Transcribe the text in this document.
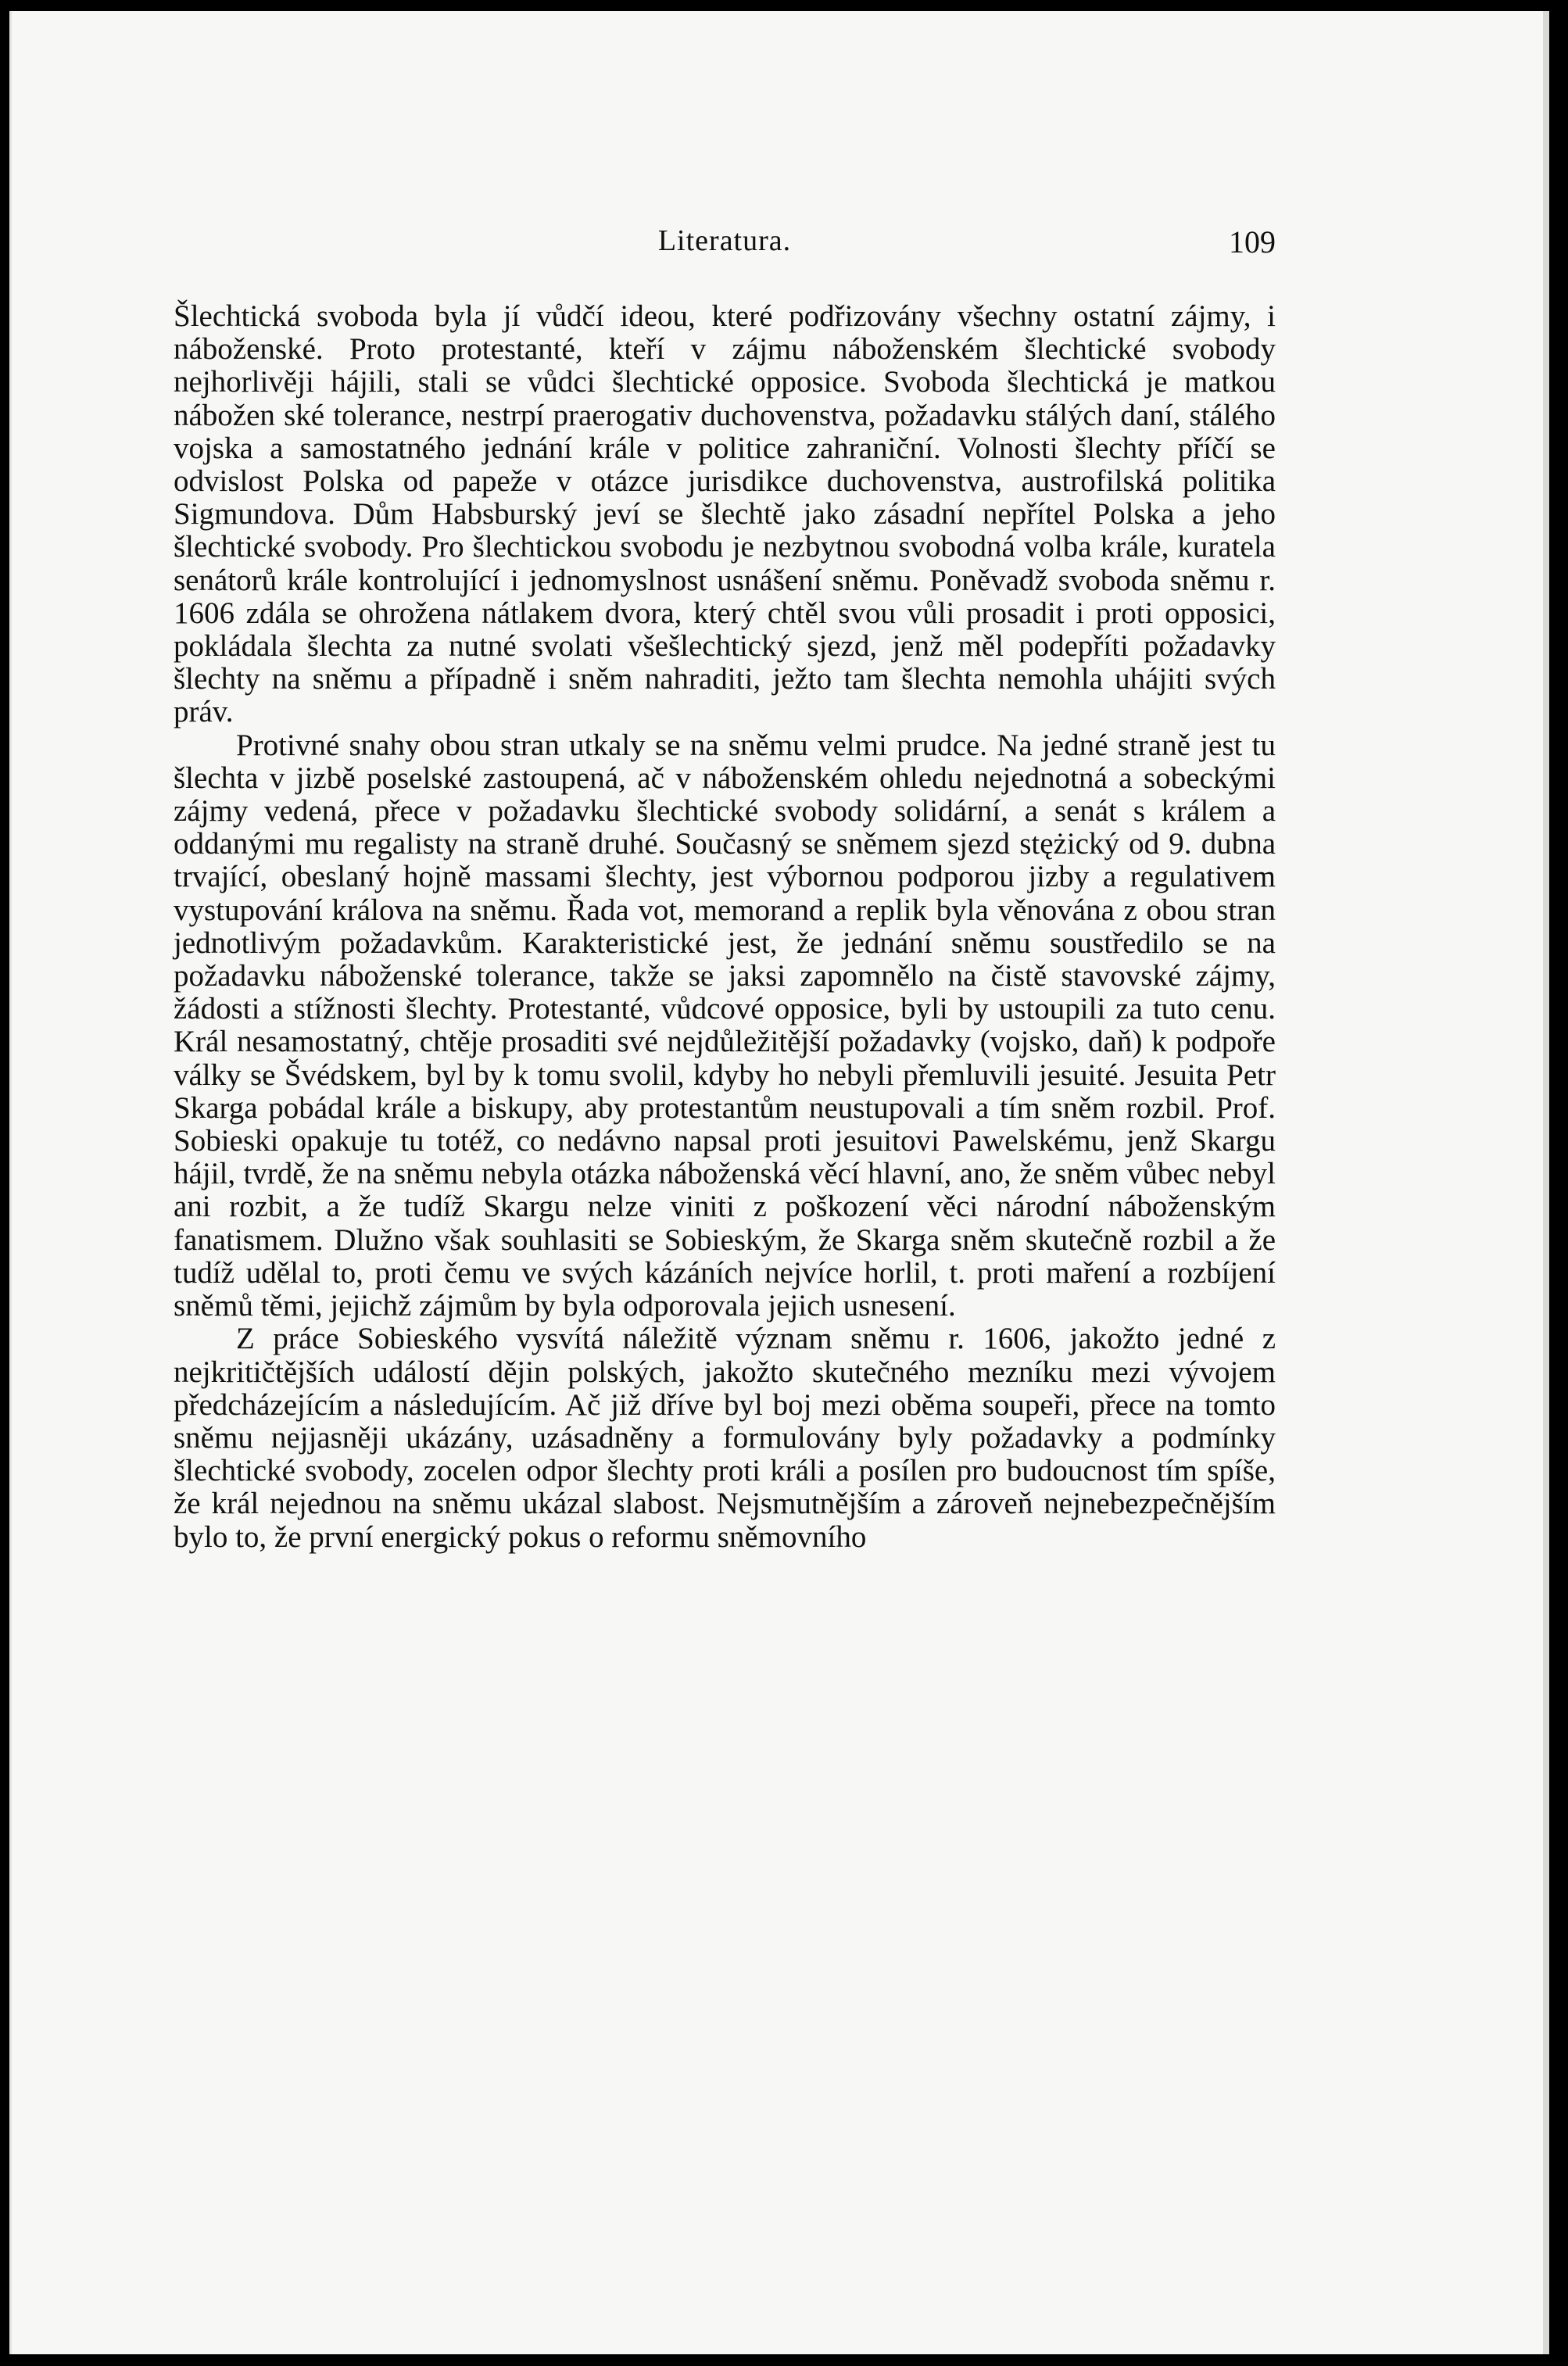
Literatura.	109

Šlechtická svoboda byla jí vůdčí ideou, které podřizovány všechny ostatní zájmy, i náboženské. Proto protestanté, kteří v zájmu náboženském šlechtické svobody nejhorlivěji hájili, stali se vůdci šlechtické opposice. Svoboda šlechtická je matkou nábožen ské tolerance, nestrpí praerogativ duchovenstva, požadavku stálých daní, stálého vojska a samostatného jednání krále v politice zahraniční. Volnosti šlechty příčí se odvislost Polska od papeže v otázce jurisdikce duchovenstva, austrofilská politika Sigmundova. Dům Habsburský jeví se šlechtě jako zásadní nepřítel Polska a jeho šlechtické svobody. Pro šlechtickou svobodu je nezbytnou svobodná volba krále, kuratela senátorů krále kontrolující i jednomyslnost usnášení sněmu. Poněvadž svoboda sněmu r. 1606 zdála se ohrožena nátlakem dvora, který chtěl svou vůli prosadit i proti opposici, pokládala šlechta za nutné svolati všešlechtický sjezd, jenž měl podepříti požadavky šlechty na sněmu a případně i sněm nahraditi, ježto tam šlechta nemohla uhájiti svých práv.

Protivné snahy obou stran utkaly se na sněmu velmi prudce. Na jedné straně jest tu šlechta v jizbě poselské zastoupená, ač v náboženském ohledu nejednotná a sobeckými zájmy vedená, přece v požadavku šlechtické svobody solidární, a senát s králem a oddanými mu regalisty na straně druhé. Současný se sněmem sjezd stężický od 9. dubna trvající, obeslaný hojně massami šlechty, jest výbornou podporou jizby a regulativem vystupování králova na sněmu. Řada vot, memorand a replik byla věnována z obou stran jednotlivým požadavkům. Karakteristické jest, že jednání sněmu soustředilo se na požadavku náboženské tolerance, takže se jaksi zapomnělo na čistě stavovské zájmy, žádosti a stížnosti šlechty. Protestanté, vůdcové opposice, byli by ustoupili za tuto cenu. Král nesamostatný, chtěje prosaditi své nejdůležitější požadavky (vojsko, daň) k podpoře války se Švédskem, byl by k tomu svolil, kdyby ho nebyli přemluvili jesuité. Jesuita Petr Skarga pobádal krále a biskupy, aby protestantům neustupovali a tím sněm rozbil. Prof. Sobieski opakuje tu totéž, co nedávno napsal proti jesuitovi Pawelskému, jenž Skargu hájil, tvrdě, že na sněmu nebyla otázka náboženská věcí hlavní, ano, že sněm vůbec nebyl ani rozbit, a že tudíž Skargu nelze viniti z poškození věci národní náboženským fanatismem. Dlužno však souhlasiti se Sobieským, že Skarga sněm skutečně rozbil a že tudíž udělal to, proti čemu ve svých kázáních nejvíce horlil, t. proti maření a rozbíjení sněmů těmi, jejichž zájmům by byla odporovala jejich usnesení.

Z práce Sobieského vysvítá náležitě význam sněmu r. 1606, jakožto jedné z nejkritičtějších událostí dějin polských, jakožto skutečného mezníku mezi vývojem předcházejícím a následujícím. Ač již dříve byl boj mezi oběma soupeři, přece na tomto sněmu nejjasněji ukázány, uzásadněny a formulovány byly požadavky a podmínky šlechtické svobody, zocelen odpor šlechty proti králi a posílen pro budoucnost tím spíše, že král nejednou na sněmu ukázal slabost. Nejsmutnějším a zároveň nejnebezpečnějším bylo to, že první energický pokus o reformu sněmovního
